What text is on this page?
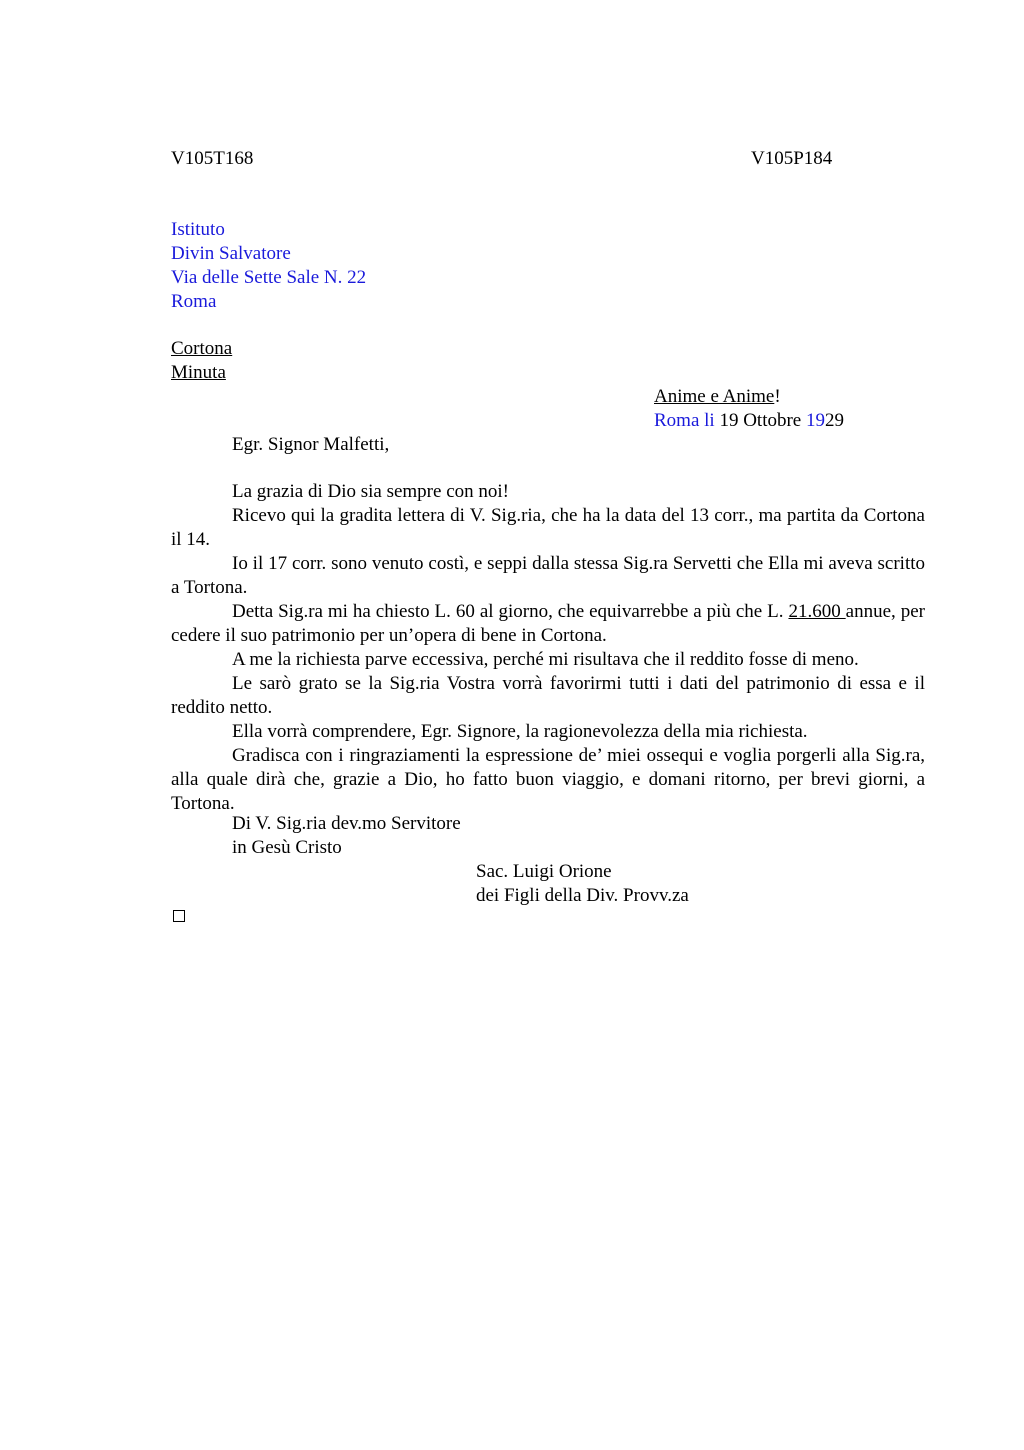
V105T168	V105P184
Istituto
Divin Salvatore
Via delle Sette Sale N. 22
Roma
Cortona
Minuta
Anime e Anime!
Roma li 19 Ottobre 1929
Egr. Signor Malfetti,

La grazia di Dio sia sempre con noi!

Ricevo qui la gradita lettera di V. Sig.ria, che ha la data del 13 corr., ma partita da Cortona il 14.

Io il 17 corr. sono venuto costì, e seppi dalla stessa Sig.ra Servetti che Ella mi aveva scritto a Tortona.

Detta Sig.ra mi ha chiesto L. 60 al giorno, che equivarrebbe a più che L. 21.600 annue, per cedere il suo patrimonio per un’opera di bene in Cortona.

A me la richiesta parve eccessiva, perché mi risultava che il reddito fosse di meno.

Le sarò grato se la Sig.ria Vostra vorrà favorirmi tutti i dati del patrimonio di essa e il reddito netto.

Ella vorrà comprendere, Egr. Signore, la ragionevolezza della mia richiesta.

Gradisca con i ringraziamenti la espressione de’ miei ossequi e voglia porgerli alla Sig.ra, alla quale dirà che, grazie a Dio, ho fatto buon viaggio, e domani ritorno, per brevi giorni, a Tortona.

Di V. Sig.ria dev.mo Servitore
in Gesù Cristo
Sac. Luigi Orione
dei Figli della Div. Provv.za
